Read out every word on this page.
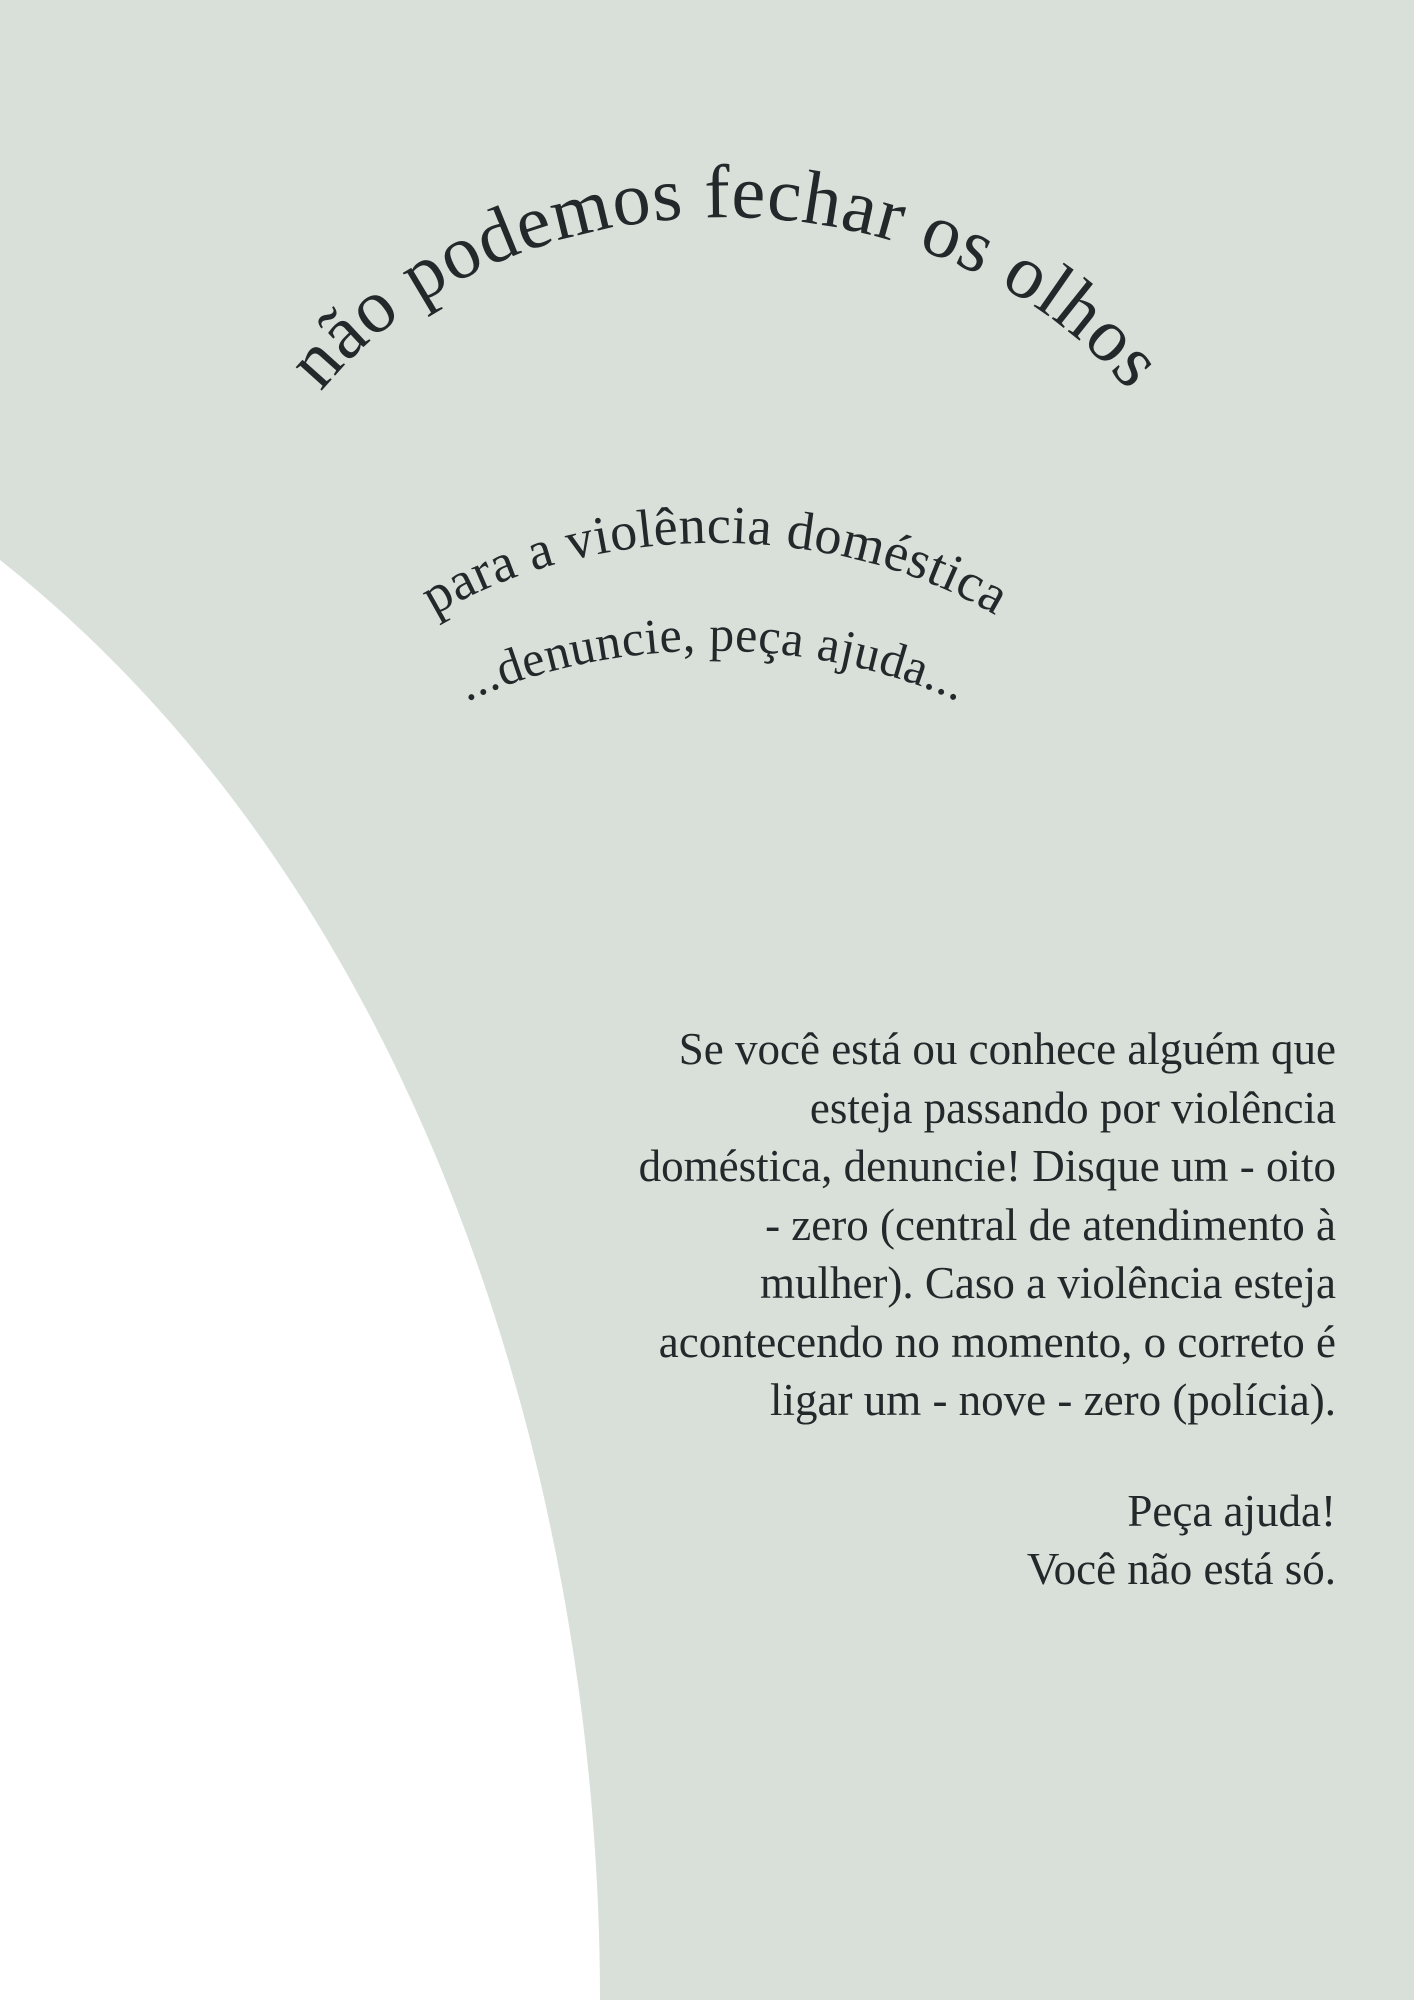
não podemos fechar os olhos
para a violência doméstica
...denuncie, peça ajuda...

Se você está ou conhece alguém que esteja passando por violência doméstica, denuncie! Disque um - oito - zero (central de atendimento à mulher). Caso a violência esteja acontecendo no momento, o correto é ligar um - nove - zero (polícia).

Peça ajuda!
Você não está só.
